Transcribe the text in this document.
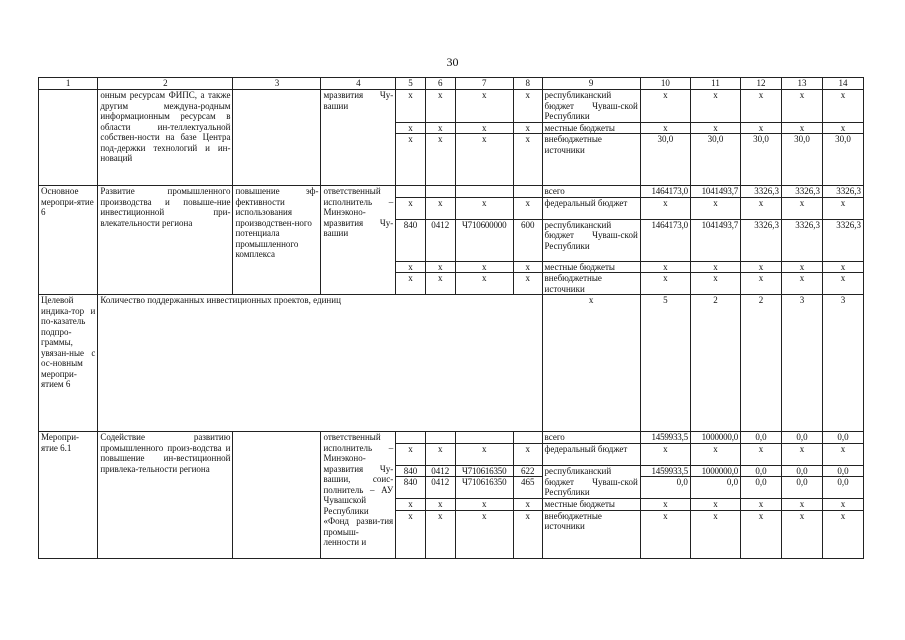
30
1	2	3	4	5	6	7	8	9	10	11	12	13	14
	онным ресурсам ФИПС, а также другим междуна-родным информационным ресурсам в области ин-теллектуальной собствен-ности на базе Центра под-держки технологий и ин-новаций		мразвития Чу-вашии	x	x	x	x	республиканский бюджет Чуваш-ской Республики	x	x	x	x	x
				x	x	x	x	местные бюджеты	x	x	x	x	x
				x	x	x	x	внебюджетные источники	30,0	30,0	30,0	30,0	30,0
Основное меропри-ятие 6	Развитие промышленного производства и повыше-ние инвестиционной при-влекательности региона	повышение эф-фективности использования производствен-ного потенциала промышленного комплекса	ответственный исполнитель – Минэконо-мразвития Чу-вашии					всего	1464173,0	1041493,7	3326,3	3326,3	3326,3
				x	x	x	x	федеральный бюджет	x	x	x	x	x
				840	0412	Ч710600000	600	республиканский бюджет Чуваш-ской Республики	1464173,0	1041493,7	3326,3	3326,3	3326,3
				x	x	x	x	местные бюджеты	x	x	x	x	x
				x	x	x	x	внебюджетные источники	x	x	x	x	x
Целевой индика-тор и по-казатель подпро-граммы, увязан-ные с ос-новным меропри-ятием 6	Количество поддержанных инвестиционных проектов, единиц							x	5	2	2	3	3
Меропри-ятие 6.1	Содействие развитию промышленного произ-водства и повышение ин-вестиционной привлека-тельности региона		ответственный исполнитель – Минэконо-мразвития Чу-вашии, соис-полнитель – АУ Чувашской Республики «Фонд разви-тия промыш-ленности и					всего	1459933,5	1000000,0	0,0	0,0	0,0
				x	x	x	x	федеральный бюджет	x	x	x	x	x
				840	0412	Ч710616350	622	республиканский	1459933,5	1000000,0	0,0	0,0	0,0
				840	0412	Ч710616350	465	бюджет Чуваш-ской Республики	0,0	0,0	0,0	0,0	0,0
				x	x	x	x	местные бюджеты	x	x	x	x	x
				x	x	x	x	внебюджетные источники	x	x	x	x	x
